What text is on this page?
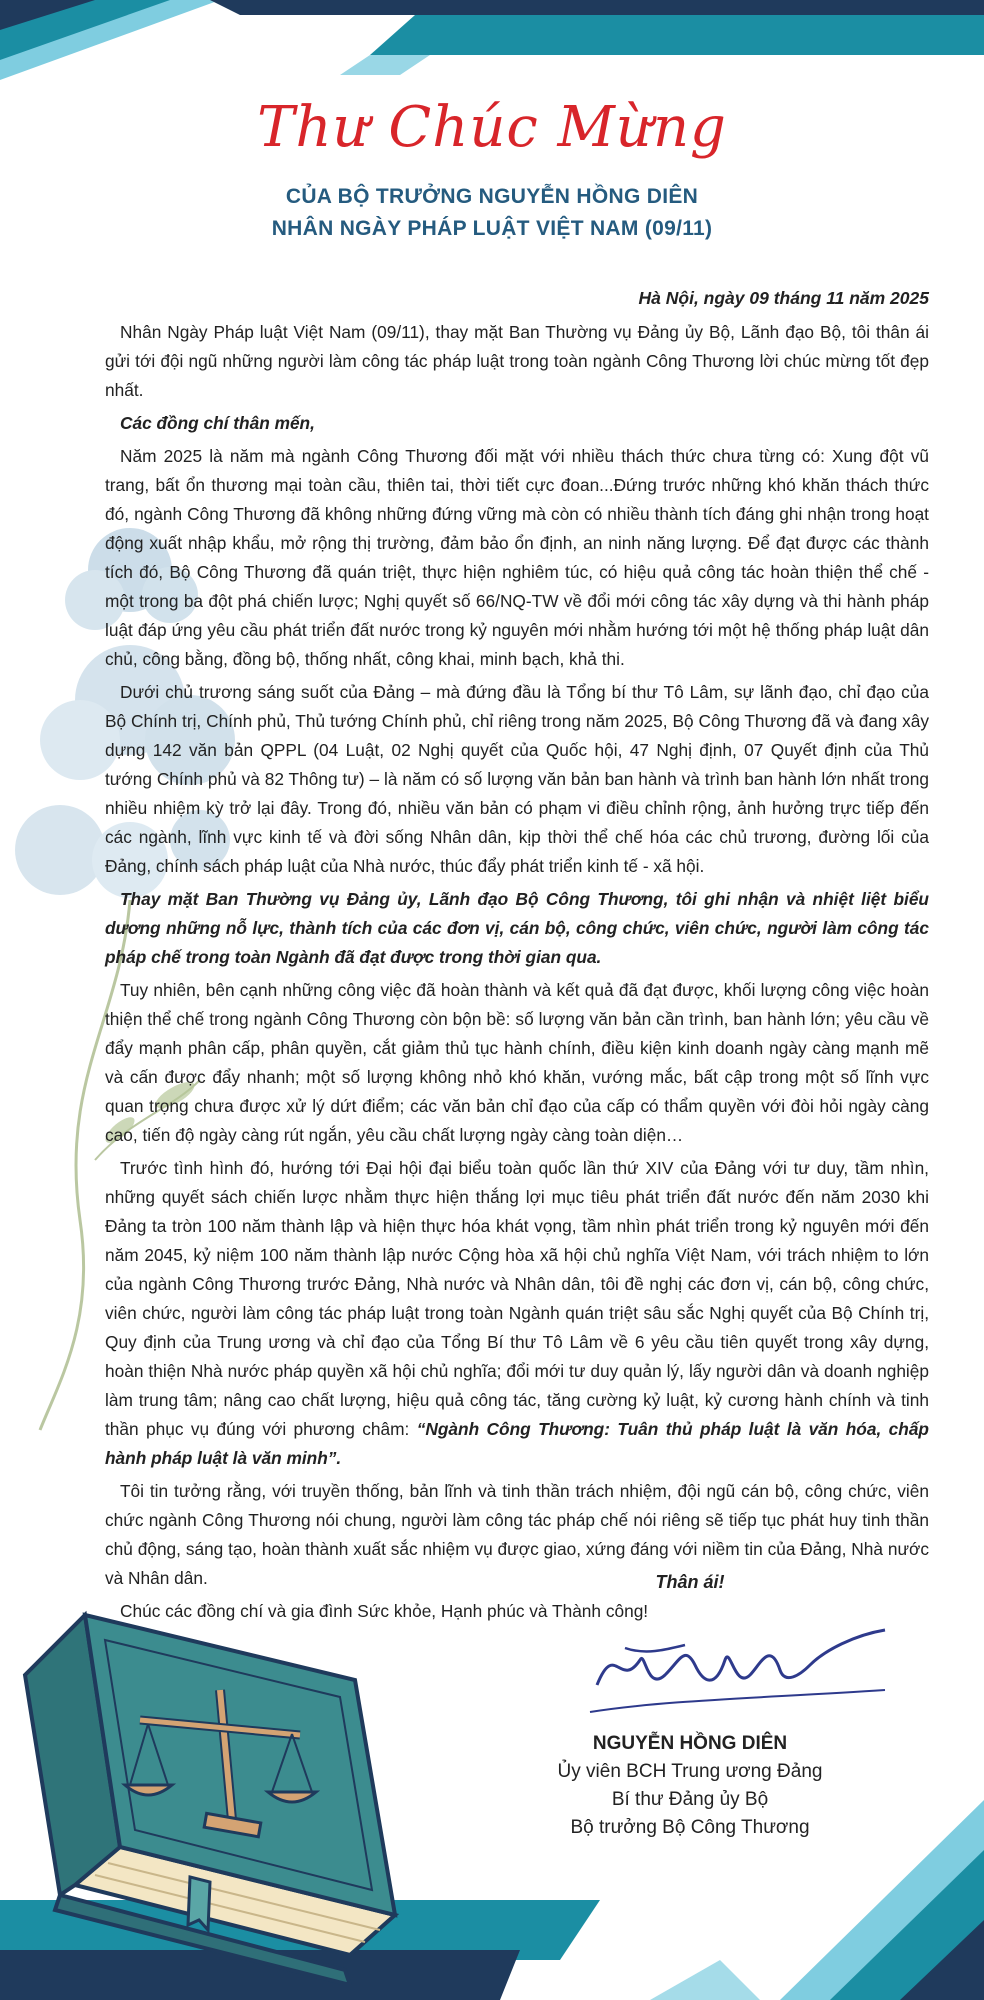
Thư Chúc Mừng
CỦA BỘ TRƯỞNG NGUYỄN HỒNG DIÊN
NHÂN NGÀY PHÁP LUẬT VIỆT NAM (09/11)
Hà Nội, ngày 09 tháng 11 năm 2025

Nhân Ngày Pháp luật Việt Nam (09/11), thay mặt Ban Thường vụ Đảng ủy Bộ, Lãnh đạo Bộ, tôi thân ái gửi tới đội ngũ những người làm công tác pháp luật trong toàn ngành Công Thương lời chúc mừng tốt đẹp nhất.

Các đồng chí thân mến,

Năm 2025 là năm mà ngành Công Thương đối mặt với nhiều thách thức chưa từng có: Xung đột vũ trang, bất ổn thương mại toàn cầu, thiên tai, thời tiết cực đoan...Đứng trước những khó khăn thách thức đó, ngành Công Thương đã không những đứng vững mà còn có nhiều thành tích đáng ghi nhận trong hoạt động xuất nhập khẩu, mở rộng thị trường, đảm bảo ổn định, an ninh năng lượng. Để đạt được các thành tích đó, Bộ Công Thương đã quán triệt, thực hiện nghiêm túc, có hiệu quả công tác hoàn thiện thể chế - một trong ba đột phá chiến lược; Nghị quyết số 66/NQ-TW về đổi mới công tác xây dựng và thi hành pháp luật đáp ứng yêu cầu phát triển đất nước trong kỷ nguyên mới nhằm hướng tới một hệ thống pháp luật dân chủ, công bằng, đồng bộ, thống nhất, công khai, minh bạch, khả thi.

Dưới chủ trương sáng suốt của Đảng – mà đứng đầu là Tổng bí thư Tô Lâm, sự lãnh đạo, chỉ đạo của Bộ Chính trị, Chính phủ, Thủ tướng Chính phủ, chỉ riêng trong năm 2025, Bộ Công Thương đã và đang xây dựng 142 văn bản QPPL (04 Luật, 02 Nghị quyết của Quốc hội, 47 Nghị định, 07 Quyết định của Thủ tướng Chính phủ và 82 Thông tư) – là năm có số lượng văn bản ban hành và trình ban hành lớn nhất trong nhiều nhiệm kỳ trở lại đây. Trong đó, nhiều văn bản có phạm vi điều chỉnh rộng, ảnh hưởng trực tiếp đến các ngành, lĩnh vực kinh tế và đời sống Nhân dân, kịp thời thể chế hóa các chủ trương, đường lối của Đảng, chính sách pháp luật của Nhà nước, thúc đẩy phát triển kinh tế - xã hội.

Thay mặt Ban Thường vụ Đảng ủy, Lãnh đạo Bộ Công Thương, tôi ghi nhận và nhiệt liệt biểu dương những nỗ lực, thành tích của các đơn vị, cán bộ, công chức, viên chức, người làm công tác pháp chế trong toàn Ngành đã đạt được trong thời gian qua.

Tuy nhiên, bên cạnh những công việc đã hoàn thành và kết quả đã đạt được, khối lượng công việc hoàn thiện thể chế trong ngành Công Thương còn bộn bề: số lượng văn bản cần trình, ban hành lớn; yêu cầu về đẩy mạnh phân cấp, phân quyền, cắt giảm thủ tục hành chính, điều kiện kinh doanh ngày càng mạnh mẽ và cấn được đẩy nhanh; một số lượng không nhỏ khó khăn, vướng mắc, bất cập trong một số lĩnh vực quan trọng chưa được xử lý dứt điểm; các văn bản chỉ đạo của cấp có thẩm quyền với đòi hỏi ngày càng cao, tiến độ ngày càng rút ngắn, yêu cầu chất lượng ngày càng toàn diện…

Trước tình hình đó, hướng tới Đại hội đại biểu toàn quốc lần thứ XIV của Đảng với tư duy, tầm nhìn, những quyết sách chiến lược nhằm thực hiện thắng lợi mục tiêu phát triển đất nước đến năm 2030 khi Đảng ta tròn 100 năm thành lập và hiện thực hóa khát vọng, tầm nhìn phát triển trong kỷ nguyên mới đến năm 2045, kỷ niệm 100 năm thành lập nước Cộng hòa xã hội chủ nghĩa Việt Nam, với trách nhiệm to lớn của ngành Công Thương trước Đảng, Nhà nước và Nhân dân, tôi đề nghị các đơn vị, cán bộ, công chức, viên chức, người làm công tác pháp luật trong toàn Ngành quán triệt sâu sắc Nghị quyết của Bộ Chính trị, Quy định của Trung ương và chỉ đạo của Tổng Bí thư Tô Lâm về 6 yêu cầu tiên quyết trong xây dựng, hoàn thiện Nhà nước pháp quyền xã hội chủ nghĩa; đổi mới tư duy quản lý, lấy người dân và doanh nghiệp làm trung tâm; nâng cao chất lượng, hiệu quả công tác, tăng cường kỷ luật, kỷ cương hành chính và tinh thần phục vụ đúng với phương châm: “Ngành Công Thương: Tuân thủ pháp luật là văn hóa, chấp hành pháp luật là văn minh”.

Tôi tin tưởng rằng, với truyền thống, bản lĩnh và tinh thần trách nhiệm, đội ngũ cán bộ, công chức, viên chức ngành Công Thương nói chung, người làm công tác pháp chế nói riêng sẽ tiếp tục phát huy tinh thần chủ động, sáng tạo, hoàn thành xuất sắc nhiệm vụ được giao, xứng đáng với niềm tin của Đảng, Nhà nước và Nhân dân.

Chúc các đồng chí và gia đình Sức khỏe, Hạnh phúc và Thành công!

Thân ái!
NGUYỄN HỒNG DIÊN
Ủy viên BCH Trung ương Đảng
Bí thư Đảng ủy Bộ
Bộ trưởng Bộ Công Thương
